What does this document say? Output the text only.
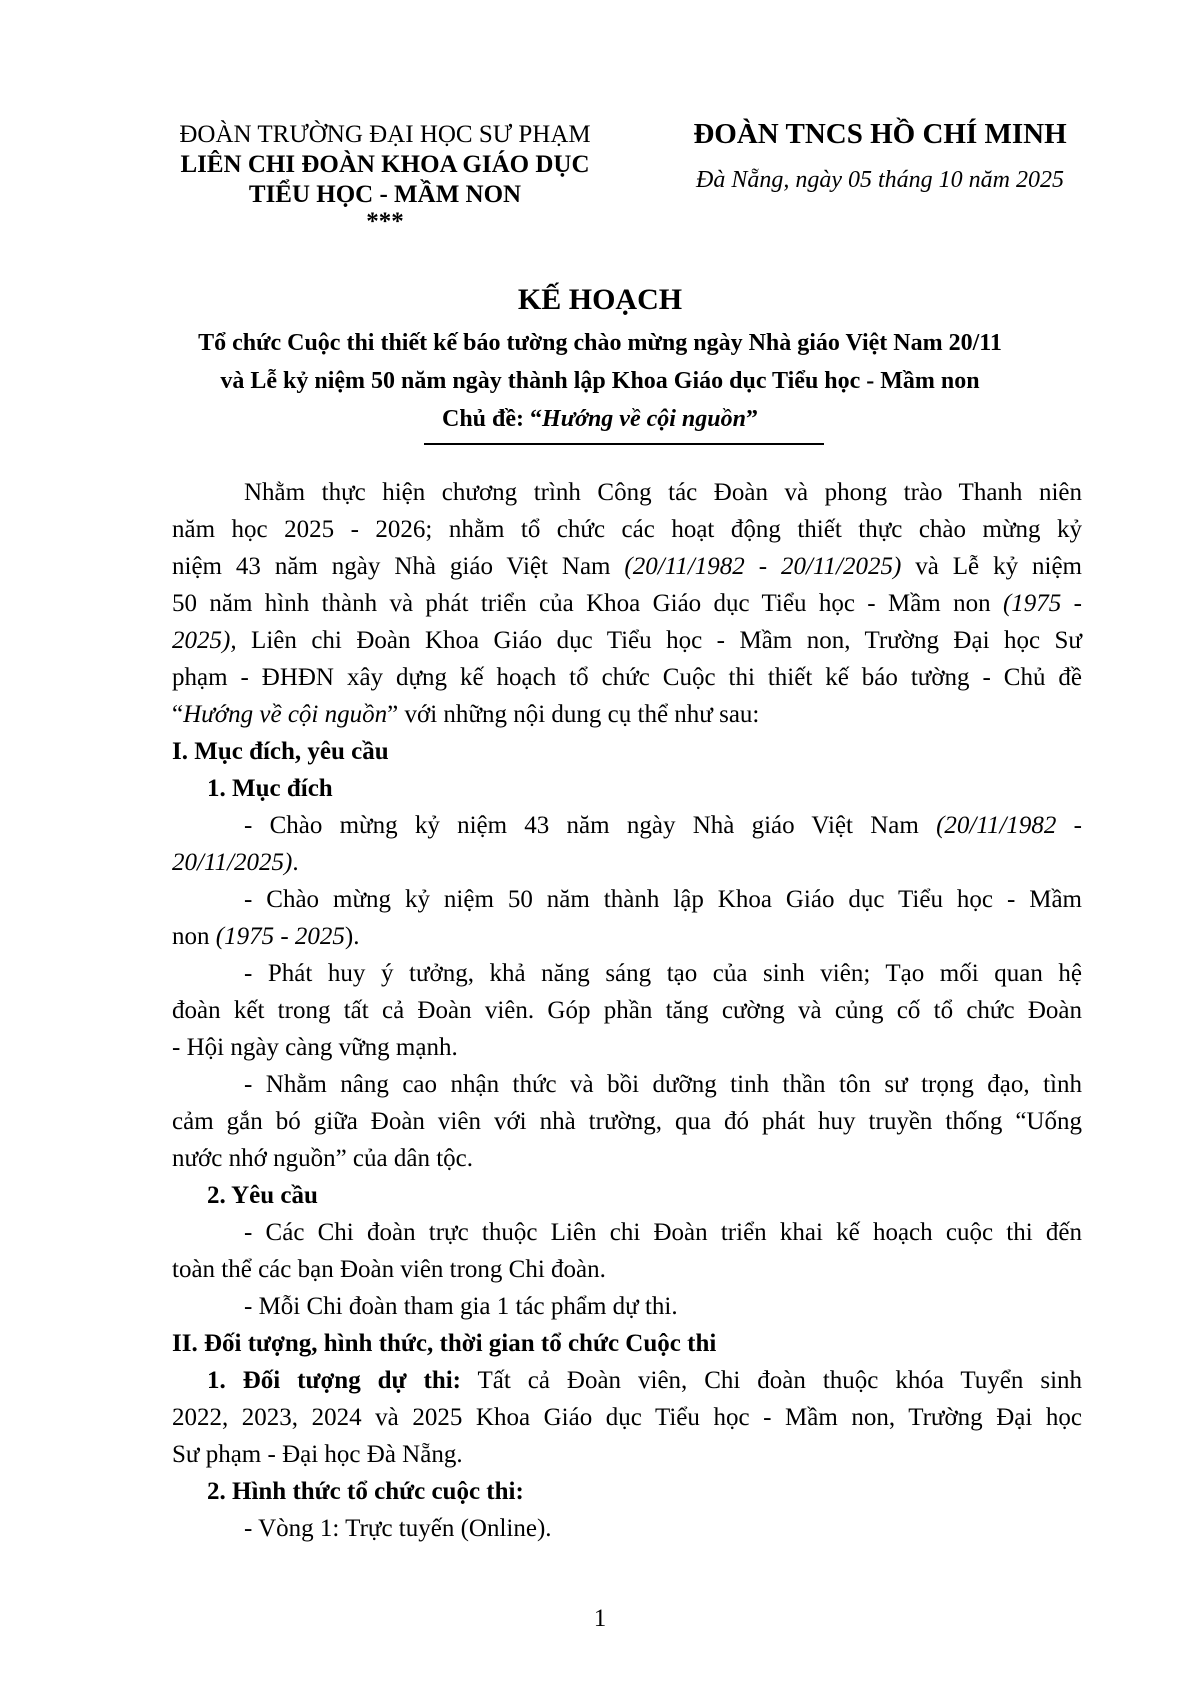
ĐOÀN TRƯỜNG ĐẠI HỌC SƯ PHẠM
LIÊN CHI ĐOÀN KHOA GIÁO DỤC
TIỂU HỌC - MẦM NON
***
ĐOÀN TNCS HỒ CHÍ MINH
Đà Nẵng, ngày 05 tháng 10 năm 2025
KẾ HOẠCH
Tổ chức Cuộc thi thiết kế báo tường chào mừng ngày Nhà giáo Việt Nam 20/11
và Lễ kỷ niệm 50 năm ngày thành lập Khoa Giáo dục Tiểu học - Mầm non
Chủ đề: “Hướng về cội nguồn”
Nhằm thực hiện chương trình Công tác Đoàn và phong trào Thanh niên
năm học 2025 - 2026; nhằm tổ chức các hoạt động thiết thực chào mừng kỷ
niệm 43 năm ngày Nhà giáo Việt Nam (20/11/1982 - 20/11/2025) và Lễ kỷ niệm
50 năm hình thành và phát triển của Khoa Giáo dục Tiểu học - Mầm non (1975 -
2025), Liên chi Đoàn Khoa Giáo dục Tiểu học - Mầm non, Trường Đại học Sư
phạm - ĐHĐN xây dựng kế hoạch tổ chức Cuộc thi thiết kế báo tường - Chủ đề
“Hướng về cội nguồn” với những nội dung cụ thể như sau:
I. Mục đích, yêu cầu
1. Mục đích
- Chào mừng kỷ niệm 43 năm ngày Nhà giáo Việt Nam (20/11/1982 -
20/11/2025).
- Chào mừng kỷ niệm 50 năm thành lập Khoa Giáo dục Tiểu học - Mầm
non (1975 - 2025).
- Phát huy ý tưởng, khả năng sáng tạo của sinh viên; Tạo mối quan hệ
đoàn kết trong tất cả Đoàn viên. Góp phần tăng cường và củng cố tổ chức Đoàn
- Hội ngày càng vững mạnh.
- Nhằm nâng cao nhận thức và bồi dưỡng tinh thần tôn sư trọng đạo, tình
cảm gắn bó giữa Đoàn viên với nhà trường, qua đó phát huy truyền thống “Uống
nước nhớ nguồn” của dân tộc.
2. Yêu cầu
- Các Chi đoàn trực thuộc Liên chi Đoàn triển khai kế hoạch cuộc thi đến
toàn thể các bạn Đoàn viên trong Chi đoàn.
- Mỗi Chi đoàn tham gia 1 tác phẩm dự thi.
II. Đối tượng, hình thức, thời gian tổ chức Cuộc thi
1. Đối tượng dự thi: Tất cả Đoàn viên, Chi đoàn thuộc khóa Tuyển sinh
2022, 2023, 2024 và 2025 Khoa Giáo dục Tiểu học - Mầm non, Trường Đại học
Sư phạm - Đại học Đà Nẵng.
2. Hình thức tổ chức cuộc thi:
- Vòng 1: Trực tuyến (Online).
1
